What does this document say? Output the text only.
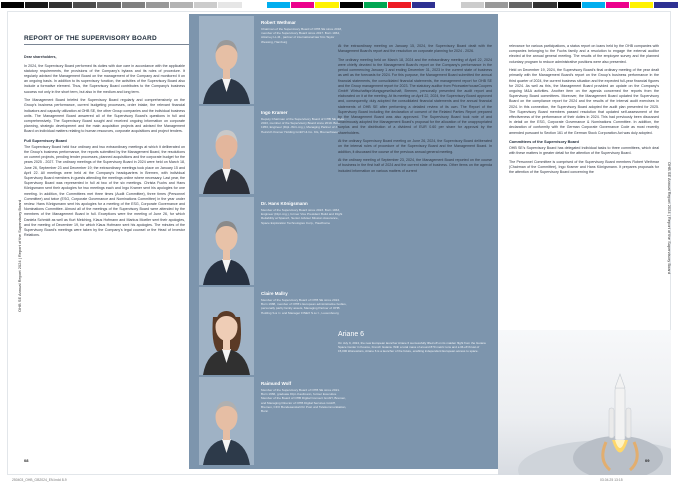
OHB SE Annual Report 2024 | Report of the Supervisory Board	OHB SE Annual Report 2024 | Report of the Supervisory Board
REPORT OF THE SUPERVISORY BOARD

Dear shareholders,

In 2024, the Supervisory Board performed its duties with due care in accordance with the applicable statutory requirements, the provisions of the Company's bylaws and its rules of procedure. It regularly advised the Management Board on the management of the Company and monitored it on an ongoing basis. In addition to its supervisory function, the activities of the Supervisory Board also include a formative element. Thus, the Supervisory Board contributes to the Company's business success not only in the short term, but also in the medium and long term.

The Management Board briefed the Supervisory Board regularly and comprehensively on the Group's business performance, current budgeting processes, order intake, the relevant financial indicators and capacity utilization at OHB SE, the other Group companies and the individual business units. The Management Board answered all of the Supervisory Board's questions in full and comprehensively. The Supervisory Board sought and received ongoing information on corporate planning, strategic development and the main acquisition projects and advised the Management Board on individual matters relating to human resources, corporate acquisitions and project tenders.

Full Supervisory Board

The Supervisory Board held four ordinary and two extraordinary meetings at which it deliberated on the Group's business performance, the reports submitted by the Management Board, the resolutions on current projects, pending tender processes, planned acquisitions and the corporate budget for the years 2025 - 2027. The ordinary meetings of the Supervisory Board in 2024 were held on March 18, June 26, September 23 and December 19; the extraordinary meetings took place on January 15 and April 22. All meetings were held at the Company's headquarters in Bremen, with individual Supervisory Board members in guests attending the meetings online where necessary. Last year, the Supervisory Board was represented in full at two of the six meetings. Christa Fuchs and Hans Königsmann sent their apologies for two meetings each and Ingo Kramer sent his apologies for one meeting. In addition, the Committees met three times (Audit Committee), three times (Personnel Committee) and twice (ESG, Corporate Governance and Nominations Committee) in the year under review. Hans Königsmann sent his apologies for a meeting of the ESG, Corporate Governance and Nominations Committee. Almost all of the meetings of the Supervisory Board were attended by the members of the Management Board in full. Exceptions were the meeting of June 26, for which Daniela Schmidt as well as Kurt Melching, Klaus Hofmann and Markus Moeller sent their apologies, and the meeting of December 19, for which Klaus Hofmann sent his apologies. The minutes of the Supervisory Board's meetings were taken by the Company's legal counsel or the Head of Investor Relations.

Robert Wethmar
Chairman of the Supervisory Board of OHB SE since 2018, member of the Supervisory Board since 2017. Born 1964, Attorney LL.M., partner of international law firm Taylor Wessing, Hamburg
Ingo Kramer
Deputy Chairman of the Supervisory Board of OHB SE since 2023, member of the Supervisory Board since 2019. Born 1953, Engineer (Dipl.-Wirt.-Ing.), Managing Partner of J. Heinrich Kramer Holding GmbH & Co. KG, Bremerhaven
Dr. Hans Königsmann
Member of the Supervisory Board since 2023. Born 1963, Engineer (Dipl.-Ing.), former Vice President Build and Flight Reliability at SpaceX, Senior Adviser Mission Assurance, Space Exploration Technologies Corp., Hawthorne
Claire Mallry
Member of the Supervisory Board of OHB SE since 2024. Born 1988, member of OHB's European administrative bodies, personally partly family assets, Managing Partner of OHB Holding S.à r.l. and Manager FINEX S.à r.l., Luxembourg
Raimund Wolf
Member of the Supervisory Board of OHB SE since 2021. Born 1966, graduate Dipl.-Kaufmann, former Executive Member of the Board of OHB Digital Connect GmbH, Bremen, and Managing Director of OHB Digital Services GmbH, Bremen, CFO Bundesanstalt für Post und Telekommunikation, Bonn

At the extraordinary meeting on January 15, 2024, the Supervisory Board dealt with the Management Board's report and the resolution on corporate planning for 2024 - 2026.

The ordinary meeting held on March 18, 2024 and the extraordinary meeting of April 22, 2024 were chiefly devoted to the Management Board's report on the Company's performance in the period commencing January 1 and ending December 31, 2023 in the current state of business as well as the forecasts for 2024. For this purpose, the Management Board submitted the annual financial statements, the consolidated financial statements, the management report for OHB SE and the Group management report for 2023. The statutory auditor from PricewaterhouseCoopers GmbH Wirtschaftsprüfungsgesellschaft, Bremen, personally presented the audit report and elaborated on it at the meeting. At its meeting on April 22, 2024, the Supervisory Board approved and, consequently, duly adopted the consolidated financial statements and the annual financial statements of OHB SE after performing a detailed review of its own. The Report of the Supervisory Board including the declaration of consent of the Related Parties Report prepared by the Management Board was also approved. The Supervisory Board took note of and unanimously adopted the Management Board's proposal for the allocation of the unappropriated surplus and the distribution of a dividend of EUR 0.60 per share for approval by the shareholders.

At the ordinary Supervisory Board meeting on June 26, 2024, the Supervisory Board deliberated on the internal rules of procedure of the Supervisory Board and the Management Board. In addition, it discussed the course of the previous annual general meeting.

At the ordinary meeting of September 23, 2024, the Management Board reported on the course of business in the first half of 2024 and the current state of business. Other items on the agenda included information on various matters of current

relevance for various participations, a status report on loans held by the OHB companies with companies belonging to the Fuchs family and a resolution to engage the external auditor elected at the annual general meeting. The results of the employee survey and the planned voluntary program to reduce administrative positions were also presented.

Held on December 19, 2024, the Supervisory Board's final ordinary meeting of the year dealt primarily with the Management Board's report on the Group's business performance in the third quarter of 2024, the current business situation and the expected full-year financial figures for 2024. As well as this, the Management Board provided an update on the Company's ongoing M&A activities. Another item on the agenda concerned the reports from the Supervisory Board committees. Moreover, the Management Board updated the Supervisory Board on the compliance report for 2024 and the results of the internal audit exercises in 2024. In this connection, the Supervisory Board adopted the audit plan presented for 2025. The Supervisory Board members passed resolution that updated self-assessment of the effectiveness of the performance of their duties in 2024. This had previously been discussed in detail on the ESG, Corporate Governance & Nominations Committee. In addition, the declaration of conformity with the German Corporate Governance Code as most recently amended pursuant to Section 161 of the German Stock Corporation Act was duly adopted.

Committees of the Supervisory Board

OHB SE's Supervisory Board has delegated individual tasks to three committees, which deal with these matters in greater detail for the attention of the Supervisory Board.

The Personnel Committee is comprised of the Supervisory Board members Robert Wethmar (Chairman of the Committee), Ingo Kramer and Hans Königsmann. It prepares proposals for the attention of the Supervisory Board concerning the

Ariane 6
On July 9, 2024, the new European launcher Ariane 6 successfully lifted off on its maiden flight from the Guiana Space Center in Kourou, French Guiana. With a total mass of around 870 metric tons and a lift-off thrust of 15,000 kilonewtons, Ariane 6 is a launcher of the future, enabling independent European access to space.
08	09
250403_OHB_GB2024_EN.indd 8-9	03.04.25 13:15
